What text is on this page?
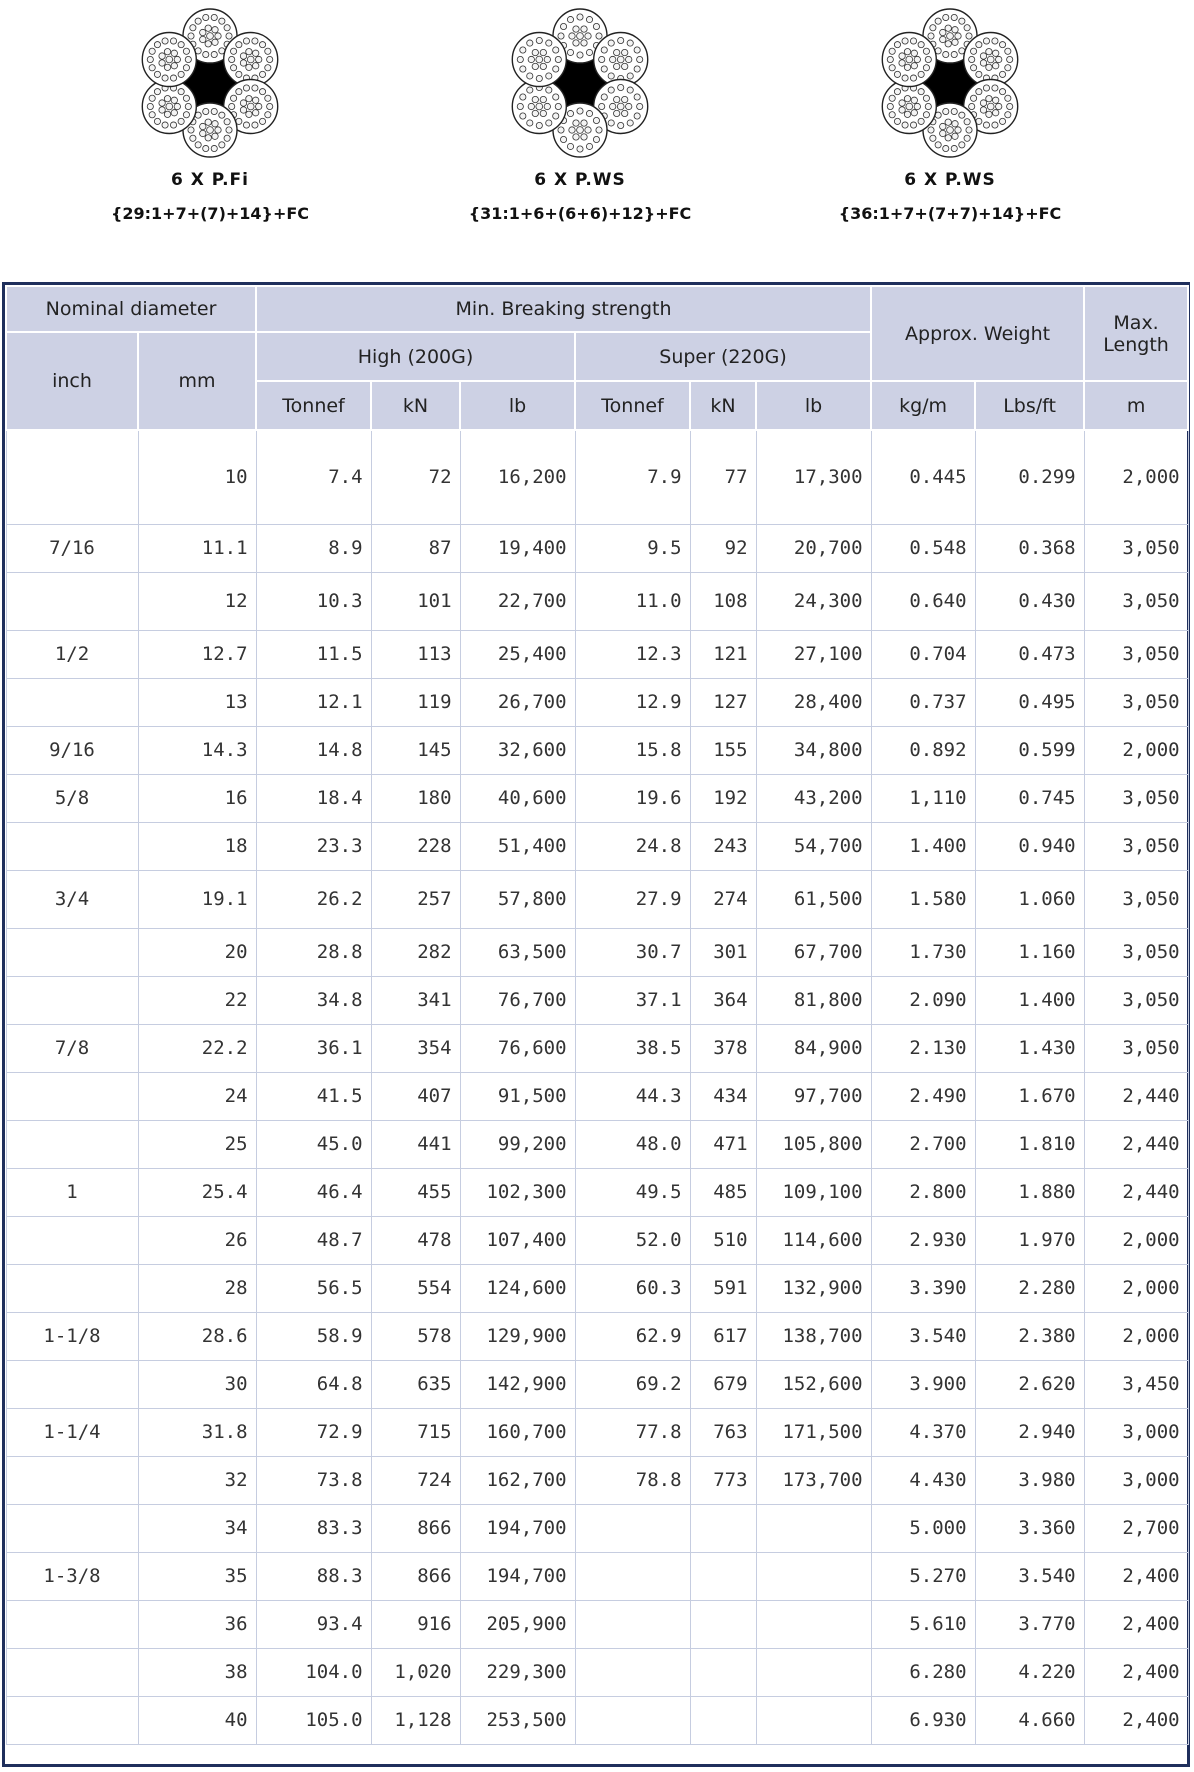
6 X P.Fi
{29:1+7+(7)+14}+FC
6 X P.WS
{31:1+6+(6+6)+12}+FC
6 X P.WS
{36:1+7+(7+7)+14}+FC
Nominal diameter		Min. Breaking strength						Approx. Weight		Max. Length
inch	mm	High (200G)			Super (220G)					
		Tonnef	kN	lb	Tonnef	kN	lb	kg/m	Lbs/ft	m
	10	7.4	72	16,200	7.9	77	17,300	0.445	0.299	2,000
7/16	11.1	8.9	87	19,400	9.5	92	20,700	0.548	0.368	3,050
	12	10.3	101	22,700	11.0	108	24,300	0.640	0.430	3,050
1/2	12.7	11.5	113	25,400	12.3	121	27,100	0.704	0.473	3,050
	13	12.1	119	26,700	12.9	127	28,400	0.737	0.495	3,050
9/16	14.3	14.8	145	32,600	15.8	155	34,800	0.892	0.599	2,000
5/8	16	18.4	180	40,600	19.6	192	43,200	1,110	0.745	3,050
	18	23.3	228	51,400	24.8	243	54,700	1.400	0.940	3,050
3/4	19.1	26.2	257	57,800	27.9	274	61,500	1.580	1.060	3,050
	20	28.8	282	63,500	30.7	301	67,700	1.730	1.160	3,050
	22	34.8	341	76,700	37.1	364	81,800	2.090	1.400	3,050
7/8	22.2	36.1	354	76,600	38.5	378	84,900	2.130	1.430	3,050
	24	41.5	407	91,500	44.3	434	97,700	2.490	1.670	2,440
	25	45.0	441	99,200	48.0	471	105,800	2.700	1.810	2,440
1	25.4	46.4	455	102,300	49.5	485	109,100	2.800	1.880	2,440
	26	48.7	478	107,400	52.0	510	114,600	2.930	1.970	2,000
	28	56.5	554	124,600	60.3	591	132,900	3.390	2.280	2,000
1-1/8	28.6	58.9	578	129,900	62.9	617	138,700	3.540	2.380	2,000
	30	64.8	635	142,900	69.2	679	152,600	3.900	2.620	3,450
1-1/4	31.8	72.9	715	160,700	77.8	763	171,500	4.370	2.940	3,000
	32	73.8	724	162,700	78.8	773	173,700	4.430	3.980	3,000
	34	83.3	866	194,700				5.000	3.360	2,700
1-3/8	35	88.3	866	194,700				5.270	3.540	2,400
	36	93.4	916	205,900				5.610	3.770	2,400
	38	104.0	1,020	229,300				6.280	4.220	2,400
	40	105.0	1,128	253,500				6.930	4.660	2,400
